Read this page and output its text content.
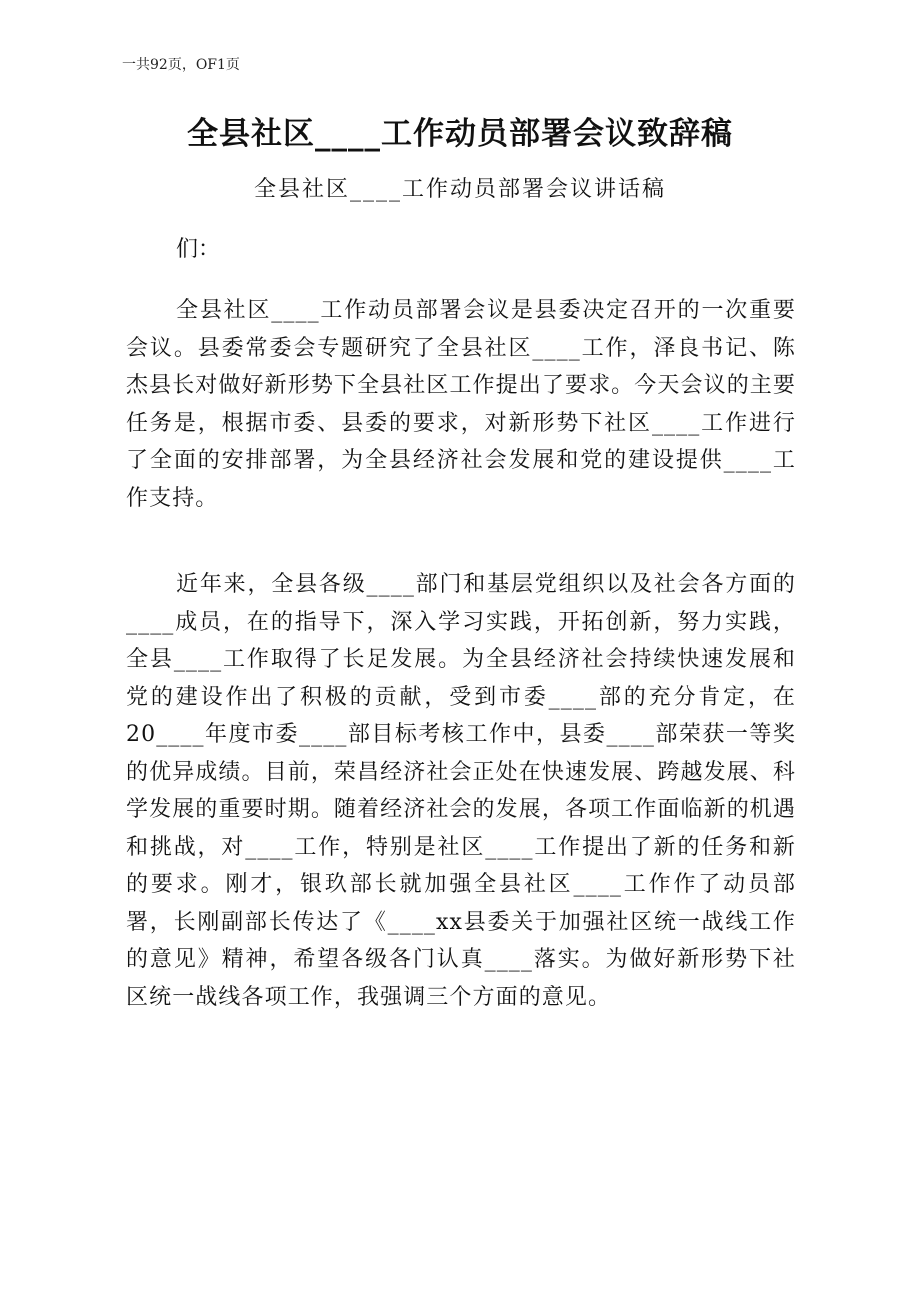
一共92页，OF1页
全县社区____工作动员部署会议致辞稿
全县社区____工作动员部署会议讲话稿
们：

全县社区____工作动员部署会议是县委决定召开的一次重要会议。县委常委会专题研究了全县社区____工作，泽良书记、陈杰县长对做好新形势下全县社区工作提出了要求。今天会议的主要任务是，根据市委、县委的要求，对新形势下社区____工作进行了全面的安排部署，为全县经济社会发展和党的建设提供____工作支持。

近年来，全县各级____部门和基层党组织以及社会各方面的____成员，在的指导下，深入学习实践，开拓创新，努力实践，全县____工作取得了长足发展。为全县经济社会持续快速发展和党的建设作出了积极的贡献，受到市委____部的充分肯定，在20____年度市委____部目标考核工作中，县委____部荣获一等奖的优异成绩。目前，荣昌经济社会正处在快速发展、跨越发展、科学发展的重要时期。随着经济社会的发展，各项工作面临新的机遇和挑战，对____工作，特别是社区____工作提出了新的任务和新的要求。刚才，银玖部长就加强全县社区____工作作了动员部署，长刚副部长传达了《____xx县委关于加强社区统一战线工作的意见》精神，希望各级各门认真____落实。为做好新形势下社区统一战线各项工作，我强调三个方面的意见。
